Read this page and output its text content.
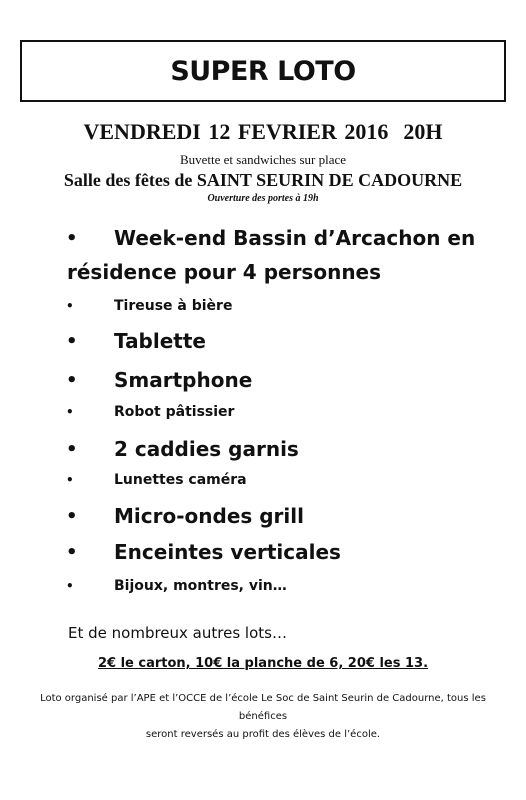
SUPER LOTO
VENDREDI 12 FEVRIER 2016  20H
Buvette et sandwiches sur place
Salle des fêtes de SAINT SEURIN DE CADOURNE
Ouverture des portes à 19h
•	Week-end Bassin d’Arcachon en
résidence pour 4 personnes
•	Tireuse à bière
•	Tablette
•	Smartphone
•	Robot pâtissier
•	2 caddies garnis
•	Lunettes caméra
•	Micro-ondes grill
•	Enceintes verticales
•	Bijoux, montres, vin…
Et de nombreux autres lots…
2€ le carton, 10€ la planche de 6, 20€ les 13.
Loto organisé par l’APE et l’OCCE de l’école Le Soc de Saint Seurin de Cadourne, tous les bénéfices
seront reversés au profit des élèves de l’école.
